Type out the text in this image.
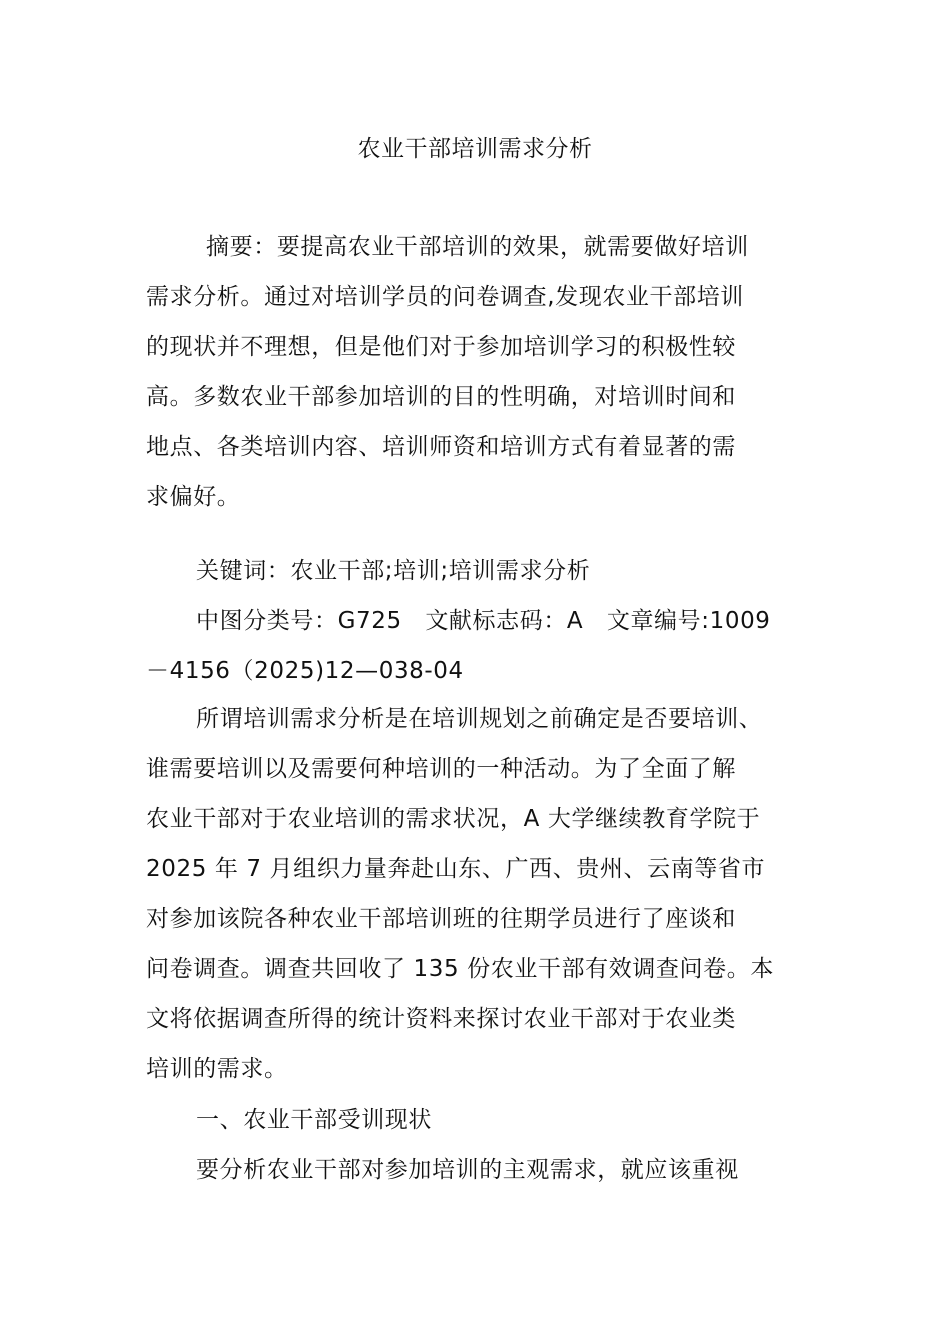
农业干部培训需求分析
摘要：要提高农业干部培训的效果，就需要做好培训
需求分析。通过对培训学员的问卷调查,发现农业干部培训
的现状并不理想，但是他们对于参加培训学习的积极性较
高。多数农业干部参加培训的目的性明确，对培训时间和
地点、各类培训内容、培训师资和培训方式有着显著的需
求偏好。
关键词：农业干部;培训;培训需求分析
中图分类号：G725　文献标志码：A　文章编号:1009
－4156（2025)12—038-04
所谓培训需求分析是在培训规划之前确定是否要培训、
谁需要培训以及需要何种培训的一种活动。为了全面了解
农业干部对于农业培训的需求状况，A 大学继续教育学院于
2025 年 7 月组织力量奔赴山东、广西、贵州、云南等省市
对参加该院各种农业干部培训班的往期学员进行了座谈和
问卷调查。调查共回收了 135 份农业干部有效调查问卷。本
文将依据调查所得的统计资料来探讨农业干部对于农业类
培训的需求。
一、农业干部受训现状
要分析农业干部对参加培训的主观需求，就应该重视
